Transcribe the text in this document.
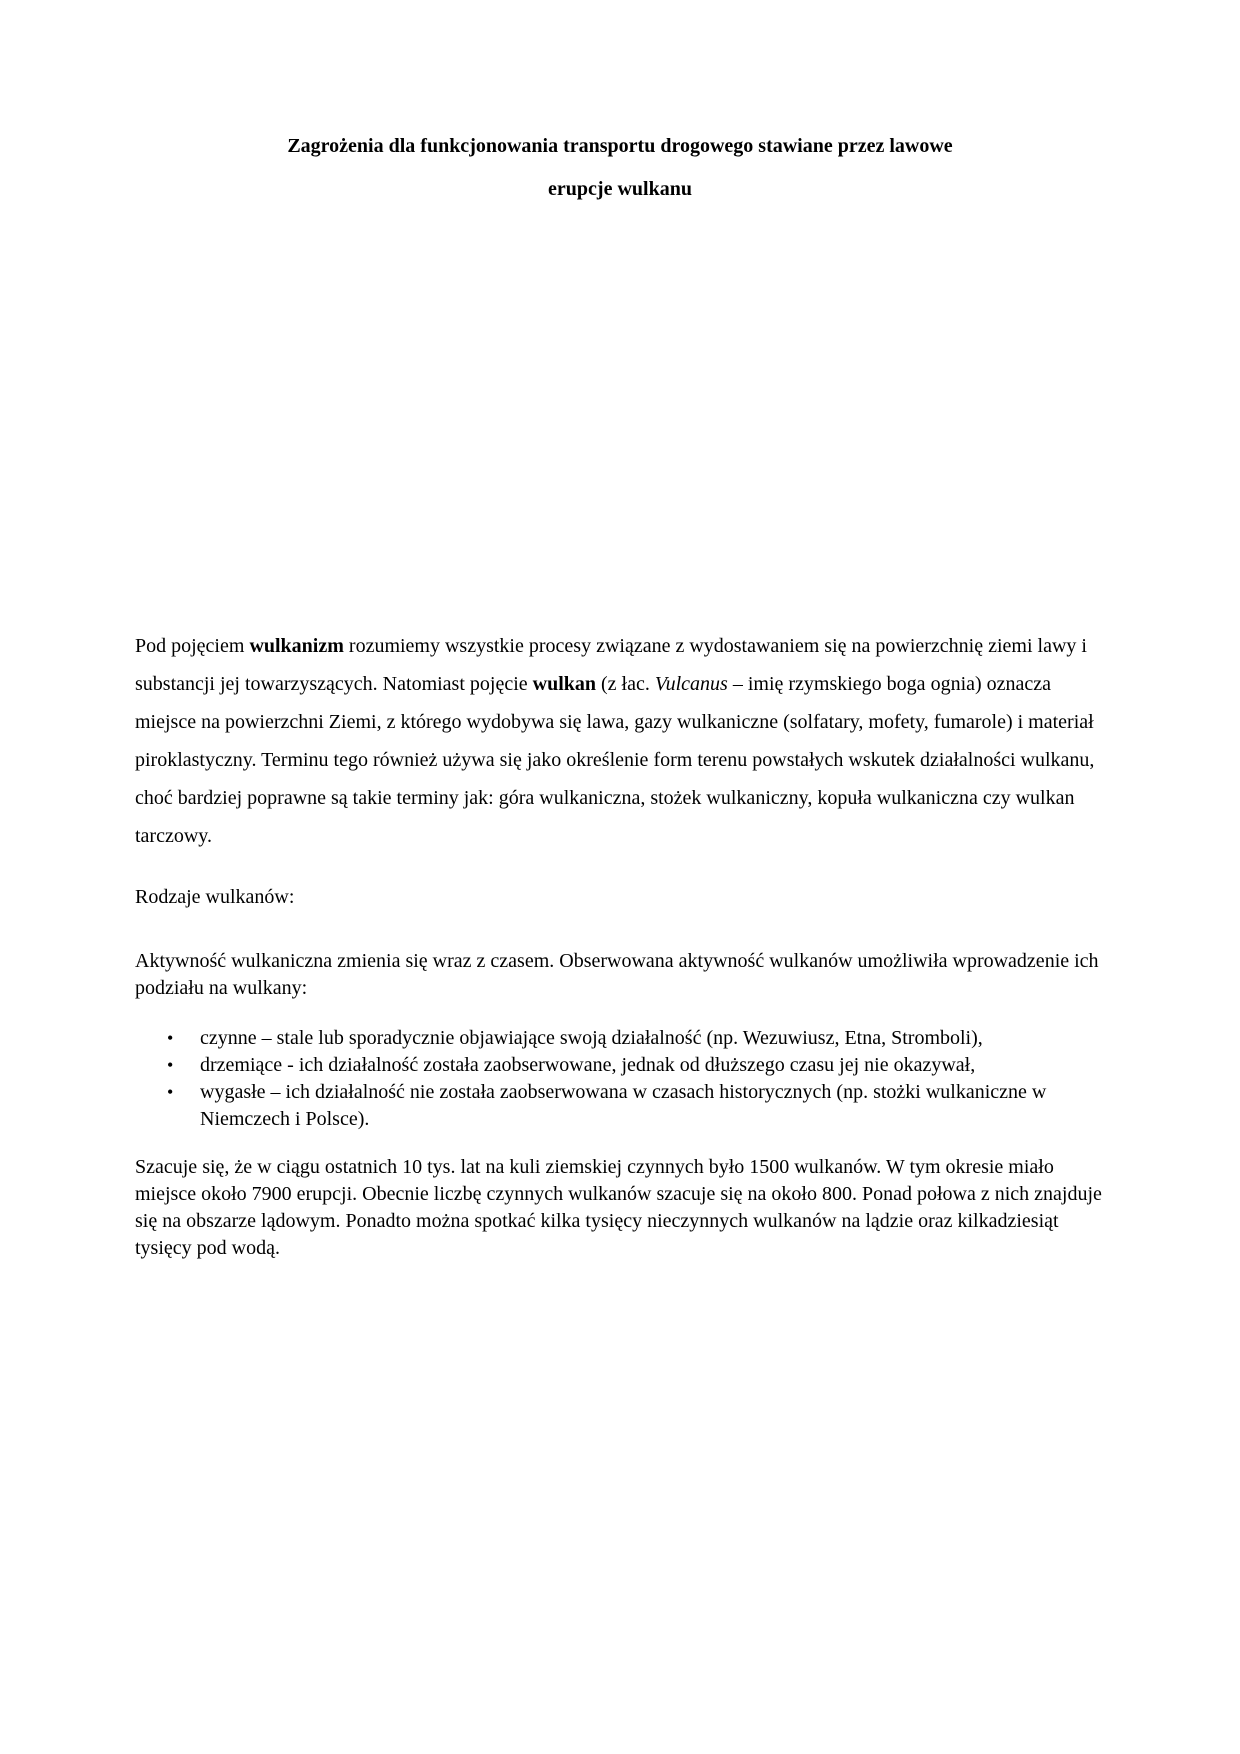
Zagrożenia dla funkcjonowania transportu drogowego stawiane przez lawowe
erupcje wulkanu

Pod pojęciem wulkanizm rozumiemy wszystkie procesy związane z wydostawaniem się na powierzchnię ziemi lawy i substancji jej towarzyszących. Natomiast pojęcie wulkan (z łac. Vulcanus – imię rzymskiego boga ognia) oznacza miejsce na powierzchni Ziemi, z którego wydobywa się lawa, gazy wulkaniczne (solfatary, mofety, fumarole) i materiał piroklastyczny. Terminu tego również używa się jako określenie form terenu powstałych wskutek działalności wulkanu, choć bardziej poprawne są takie terminy jak: góra wulkaniczna, stożek wulkaniczny, kopuła wulkaniczna czy wulkan tarczowy.

Rodzaje wulkanów:

Aktywność wulkaniczna zmienia się wraz z czasem. Obserwowana aktywność wulkanów umożliwiła wprowadzenie ich podziału na wulkany:

• czynne – stale lub sporadycznie objawiające swoją działalność (np. Wezuwiusz, Etna, Stromboli),
• drzemiące - ich działalność została zaobserwowane, jednak od dłuższego czasu jej nie okazywał,
• wygasłe – ich działalność nie została zaobserwowana w czasach historycznych (np. stożki wulkaniczne w Niemczech i Polsce).

Szacuje się, że w ciągu ostatnich 10 tys. lat na kuli ziemskiej czynnych było 1500 wulkanów. W tym okresie miało miejsce około 7900 erupcji. Obecnie liczbę czynnych wulkanów szacuje się na około 800. Ponad połowa z nich znajduje się na obszarze lądowym. Ponadto można spotkać kilka tysięcy nieczynnych wulkanów na lądzie oraz kilkadziesiąt tysięcy pod wodą.
